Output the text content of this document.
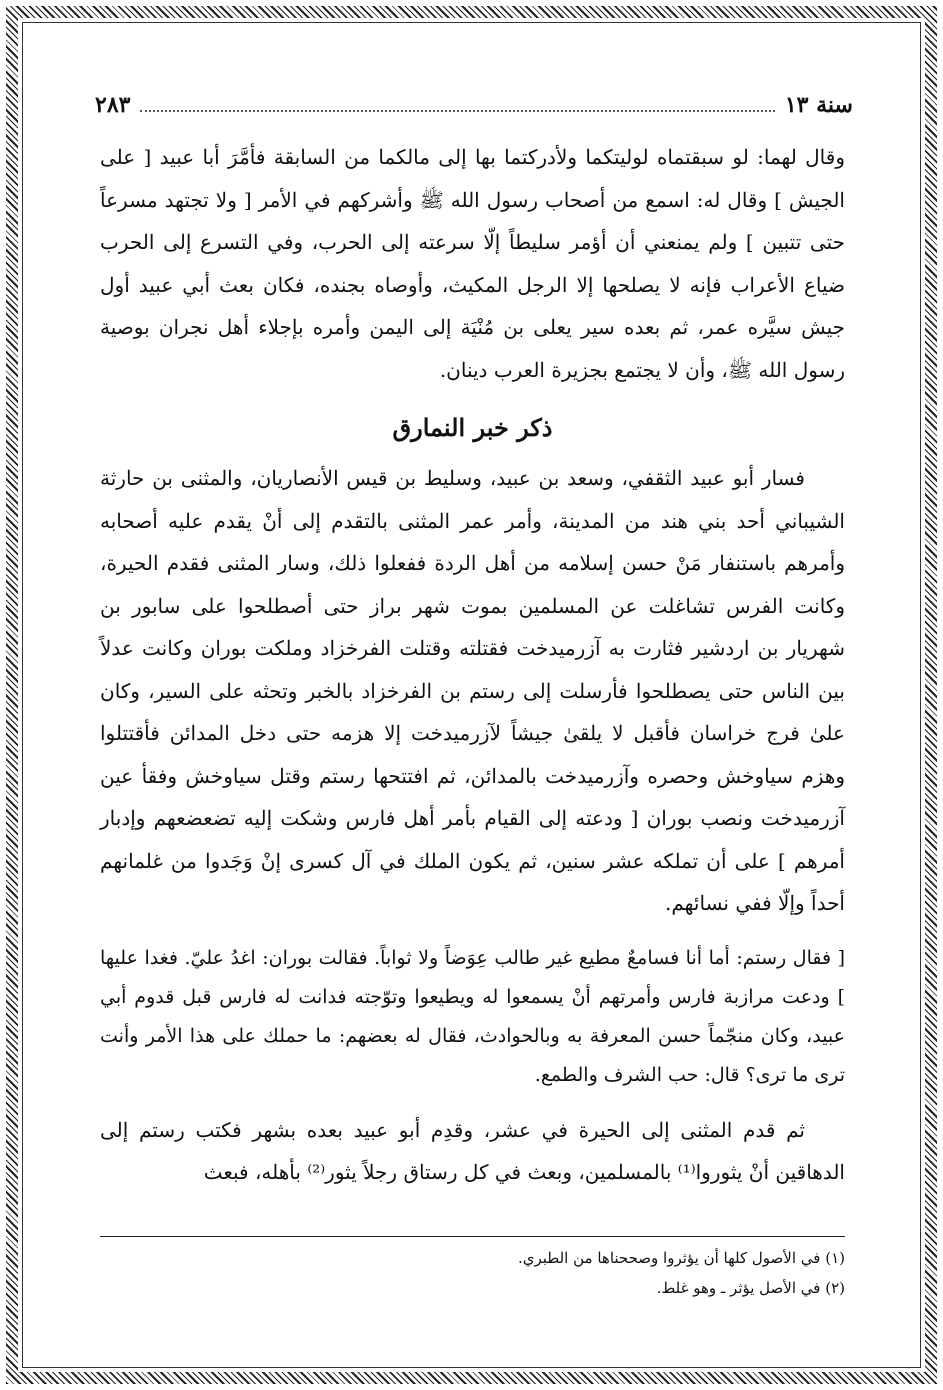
سنة ١٣
٢٨٣

وقال لهما: لو سبقتماه لوليتكما ولأدركتما بها إلى مالكما من السابقة فأمَّرَ أبا عبيد [ على الجيش ] وقال له: اسمع من أصحاب رسول الله ﷺ وأشركهم في الأمر [ ولا تجتهد مسرعاً حتى تتبين ] ولم يمنعني أن أؤمر سليطاً إلّا سرعته إلى الحرب، وفي التسرع إلى الحرب ضياع الأعراب فإنه لا يصلحها إلا الرجل المكيث، وأوصاه بجنده، فكان بعث أبي عبيد أول جيش سيَّره عمر، ثم بعده سير يعلى بن مُنْيَة إلى اليمن وأمره بإجلاء أهل نجران بوصية رسول الله ﷺ، وأن لا يجتمع بجزيرة العرب دينان.

ذكر خبر النمارق

فسار أبو عبيد الثقفي، وسعد بن عبيد، وسليط بن قيس الأنصاريان، والمثنى بن حارثة الشيباني أحد بني هند من المدينة، وأمر عمر المثنى بالتقدم إلى أنْ يقدم عليه أصحابه وأمرهم باستنفار مَنْ حسن إسلامه من أهل الردة ففعلوا ذلك، وسار المثنى فقدم الحيرة، وكانت الفرس تشاغلت عن المسلمين بموت شهر براز حتى أصطلحوا على سابور بن شهريار بن اردشير فثارت به آزرميدخت فقتلته وقتلت الفرخزاد وملكت بوران وكانت عدلاً بين الناس حتى يصطلحوا فأرسلت إلى رستم بن الفرخزاد بالخبر وتحثه على السير، وكان علىٰ فرج خراسان فأقبل لا يلقىٰ جيشاً لآزرميدخت إلا هزمه حتى دخل المدائن فأقتتلوا وهزم سياوخش وحصره وآزرميدخت بالمدائن، ثم افتتحها رستم وقتل سياوخش وفقأ عين آزرميدخت ونصب بوران [ ودعته إلى القيام بأمر أهل فارس وشكت إليه تضعضعهم وإدبار أمرهم ] على أن تملكه عشر سنين، ثم يكون الملك في آل كسرى إنْ وَجَدوا من غلمانهم أحداً وإلّا ففي نسائهم.

[ فقال رستم: أما أنا فسامعٌ مطيع غير طالب عِوَضاً ولا ثواباً. فقالت بوران: اغدُ عليّ. فغدا عليها ] ودعت مرازبة فارس وأمرتهم أنْ يسمعوا له ويطيعوا وتوّجته فدانت له فارس قبل قدوم أبي عبيد، وكان منجّماً حسن المعرفة به وبالحوادث، فقال له بعضهم: ما حملك على هذا الأمر وأنت ترى ما ترى؟ قال: حب الشرف والطمع.

ثم قدم المثنى إلى الحيرة في عشر، وقدِم أبو عبيد بعده بشهر فكتب رستم إلى الدهاقين أنْ يثوروا⁽¹⁾ بالمسلمين، وبعث في كل رستاق رجلاً يثور⁽²⁾ بأهله، فبعث

(١) في الأصول كلها أن يؤثروا وصححناها من الطبري.
(٢) في الأصل يؤثر ـ وهو غلط.
